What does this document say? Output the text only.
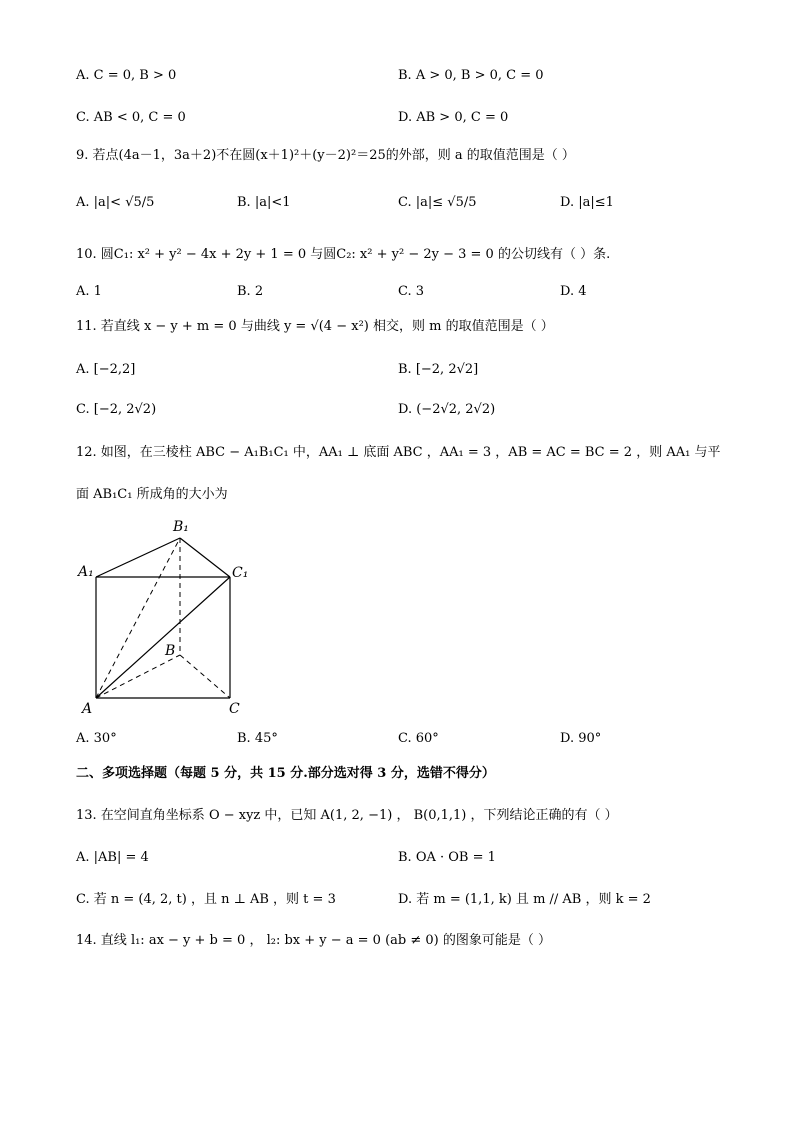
A. C = 0, B > 0	B. A > 0, B > 0, C = 0
C. AB < 0, C = 0	D. AB > 0, C = 0
9. 若点(4a－1，3a＋2)不在圆(x＋1)²＋(y－2)²＝25的外部，则 a 的取值范围是（ ）
A. |a|< √5/5	B. |a|<1	C. |a|≤ √5/5	D. |a|≤1
10. 圆C₁: x² + y² − 4x + 2y + 1 = 0 与圆C₂: x² + y² − 2y − 3 = 0 的公切线有（ ）条.
A. 1	B. 2	C. 3	D. 4
11. 若直线 x − y + m = 0 与曲线 y = √(4 − x²) 相交，则 m 的取值范围是（ ）
A. [−2,2]	B. [−2, 2√2]
C. [−2, 2√2)	D. (−2√2, 2√2)
12. 如图，在三棱柱 ABC − A₁B₁C₁ 中，AA₁ ⊥ 底面 ABC ，AA₁ = 3 ，AB = AC = BC = 2 ，则 AA₁ 与平
面 AB₁C₁ 所成角的大小为
B₁
A₁	C₁
B
A	C
A. 30°	B. 45°	C. 60°	D. 90°
二、多项选择题（每题 5 分，共 15 分.部分选对得 3 分，选错不得分）
13. 在空间直角坐标系 O − xyz 中，已知 A(1, 2, −1) ， B(0,1,1) ，下列结论正确的有（ ）
A. |AB| = 4	B. OA · OB = 1
C. 若 n = (4, 2, t) ，且 n ⊥ AB ，则 t = 3	D. 若 m = (1,1, k) 且 m // AB ，则 k = 2
14. 直线 l₁: ax − y + b = 0 ， l₂: bx + y − a = 0 (ab ≠ 0) 的图象可能是（ ）
